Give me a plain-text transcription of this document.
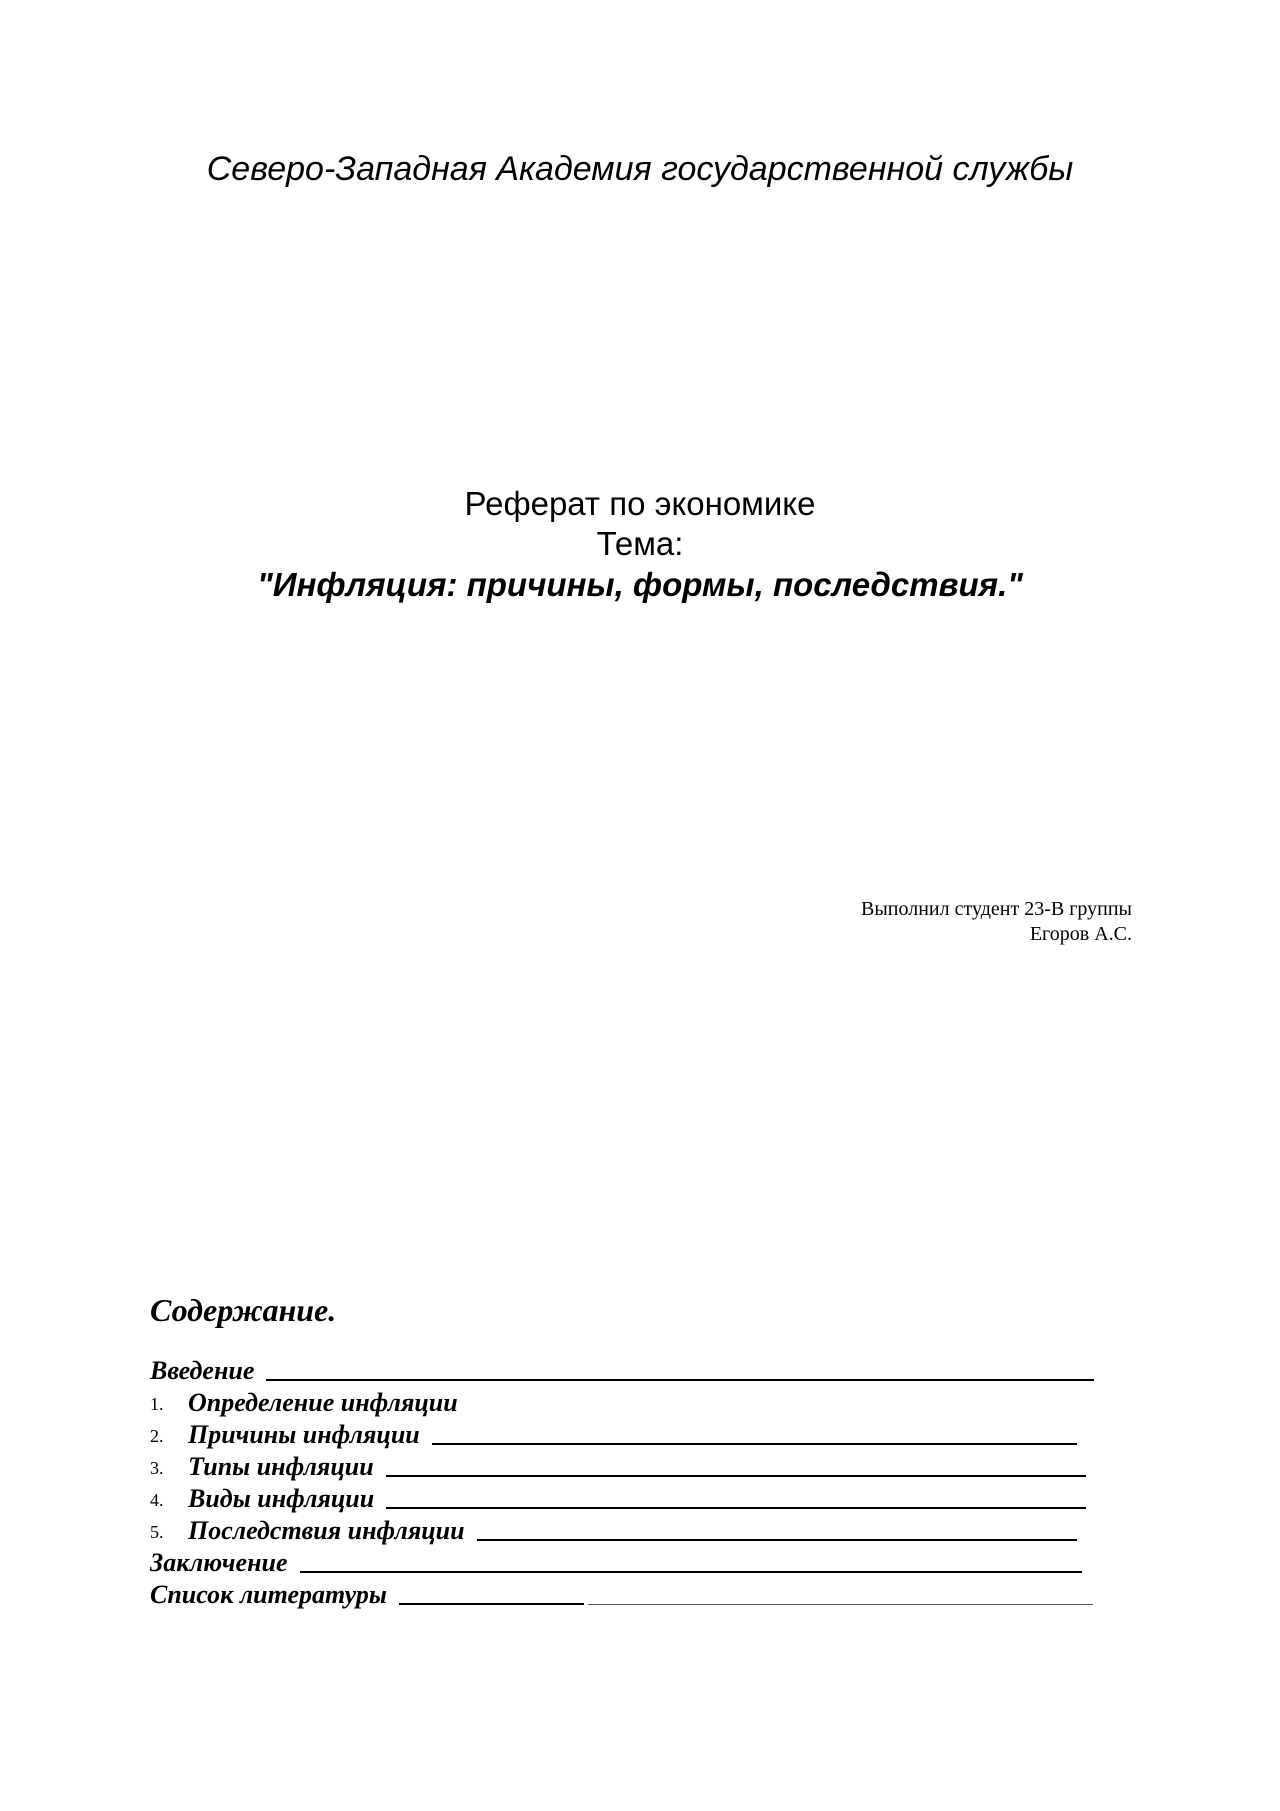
Северо-Западная Академия государственной службы
Реферат по экономике
Тема:
"Инфляция: причины, формы, последствия."
Выполнил студент 23-В группы
Егоров А.С.
Содержание.
Введение
1. Определение инфляции
2. Причины инфляции
3. Типы инфляции
4. Виды инфляции
5. Последствия инфляции
Заключение
Список литературы
